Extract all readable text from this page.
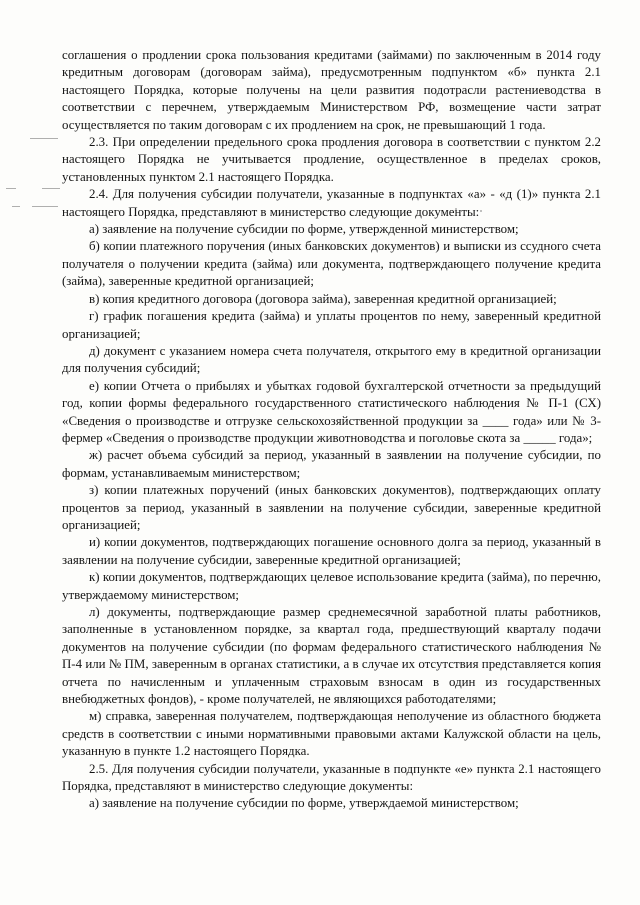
соглашения о продлении срока пользования кредитами (займами) по заключенным в 2014 году кредитным договорам (договорам займа), предусмотренным подпунктом «б» пункта 2.1 настоящего Порядка, которые получены на цели развития подотрасли растениеводства в соответствии с перечнем, утверждаемым Министерством РФ, возмещение части затрат осуществляется по таким договорам с их продлением на срок, не превышающий 1 года.

2.3. При определении предельного срока продления договора в соответствии с пунктом 2.2 настоящего Порядка не учитывается продление, осуществленное в пределах сроков, установленных пунктом 2.1 настоящего Порядка.

2.4. Для получения субсидии получатели, указанные в подпунктах «а» - «д (1)» пункта 2.1 настоящего Порядка, представляют в министерство следующие документы:

а) заявление на получение субсидии по форме, утвержденной министерством;

б) копии платежного поручения (иных банковских документов) и выписки из ссудного счета получателя о получении кредита (займа) или документа, подтверждающего получение кредита (займа), заверенные кредитной организацией;

в) копия кредитного договора (договора займа), заверенная кредитной организацией;

г) график погашения кредита (займа) и уплаты процентов по нему, заверенный кредитной организацией;

д) документ с указанием номера счета получателя, открытого ему в кредитной организации для получения субсидий;

е) копии Отчета о прибылях и убытках годовой бухгалтерской отчетности за предыдущий год, копии формы федерального государственного статистического наблюдения № П-1 (СХ) «Сведения о производстве и отгрузке сельскохозяйственной продукции за ____ года» или № 3-фермер «Сведения о производстве продукции животноводства и поголовье скота за _____ года»;

ж) расчет объема субсидий за период, указанный в заявлении на получение субсидии, по формам, устанавливаемым министерством;

з) копии платежных поручений (иных банковских документов), подтверждающих оплату процентов за период, указанный в заявлении на получение субсидии, заверенные кредитной организацией;

и) копии документов, подтверждающих погашение основного долга за период, указанный в заявлении на получение субсидии, заверенные кредитной организацией;

к) копии документов, подтверждающих целевое использование кредита (займа), по перечню, утверждаемому министерством;

л) документы, подтверждающие размер среднемесячной заработной платы работников, заполненные в установленном порядке, за квартал года, предшествующий кварталу подачи документов на получение субсидии (по формам федерального статистического наблюдения № П-4 или № ПМ, заверенным в органах статистики, а в случае их отсутствия представляется копия отчета по начисленным и уплаченным страховым взносам в один из государственных внебюджетных фондов), - кроме получателей, не являющихся работодателями;

м) справка, заверенная получателем, подтверждающая неполучение из областного бюджета средств в соответствии с иными нормативными правовыми актами Калужской области на цель, указанную в пункте 1.2 настоящего Порядка.

2.5. Для получения субсидии получатели, указанные в подпункте «е» пункта 2.1 настоящего Порядка, представляют в министерство следующие документы:

а) заявление на получение субсидии по форме, утверждаемой министерством;
